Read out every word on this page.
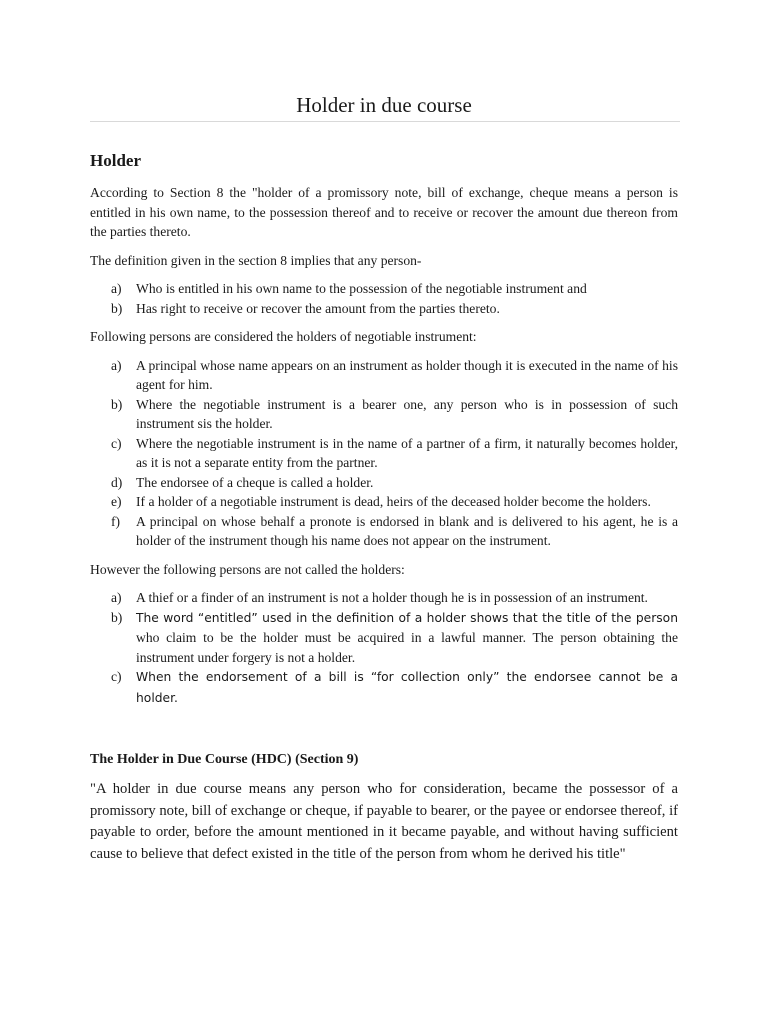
Holder in due course
Holder

According to Section 8 the "holder of a promissory note, bill of exchange, cheque means a person is entitled in his own name, to the possession thereof and to receive or recover the amount due thereon from the parties thereto.

The definition given in the section 8 implies that any person-

a) Who is entitled in his own name to the possession of the negotiable instrument and
b) Has right to receive or recover the amount from the parties thereto.

Following persons are considered the holders of negotiable instrument:

a) A principal whose name appears on an instrument as holder though it is executed in the name of his agent for him.
b) Where the negotiable instrument is a bearer one, any person who is in possession of such instrument sis the holder.
c) Where the negotiable instrument is in the name of a partner of a firm, it naturally becomes holder, as it is not a separate entity from the partner.
d) The endorsee of a cheque is called a holder.
e) If a holder of a negotiable instrument is dead, heirs of the deceased holder become the holders.
f) A principal on whose behalf a pronote is endorsed in blank and is delivered to his agent, he is a holder of the instrument though his name does not appear on the instrument.

However the following persons are not called the holders:

a) A thief or a finder of an instrument is not a holder though he is in possession of an instrument.
b) The word “entitled” used in the definition of a holder shows that the title of the person who claim to be the holder must be acquired in a lawful manner. The person obtaining the instrument under forgery is not a holder.
c) When the endorsement of a bill is “for collection only” the endorsee cannot be a holder.
The Holder in Due Course (HDC) (Section 9)

"A holder in due course means any person who for consideration, became the possessor of a promissory note, bill of exchange or cheque, if payable to bearer, or the payee or endorsee thereof, if payable to order, before the amount mentioned in it became payable, and without having sufficient cause to believe that defect existed in the title of the person from whom he derived his title"
